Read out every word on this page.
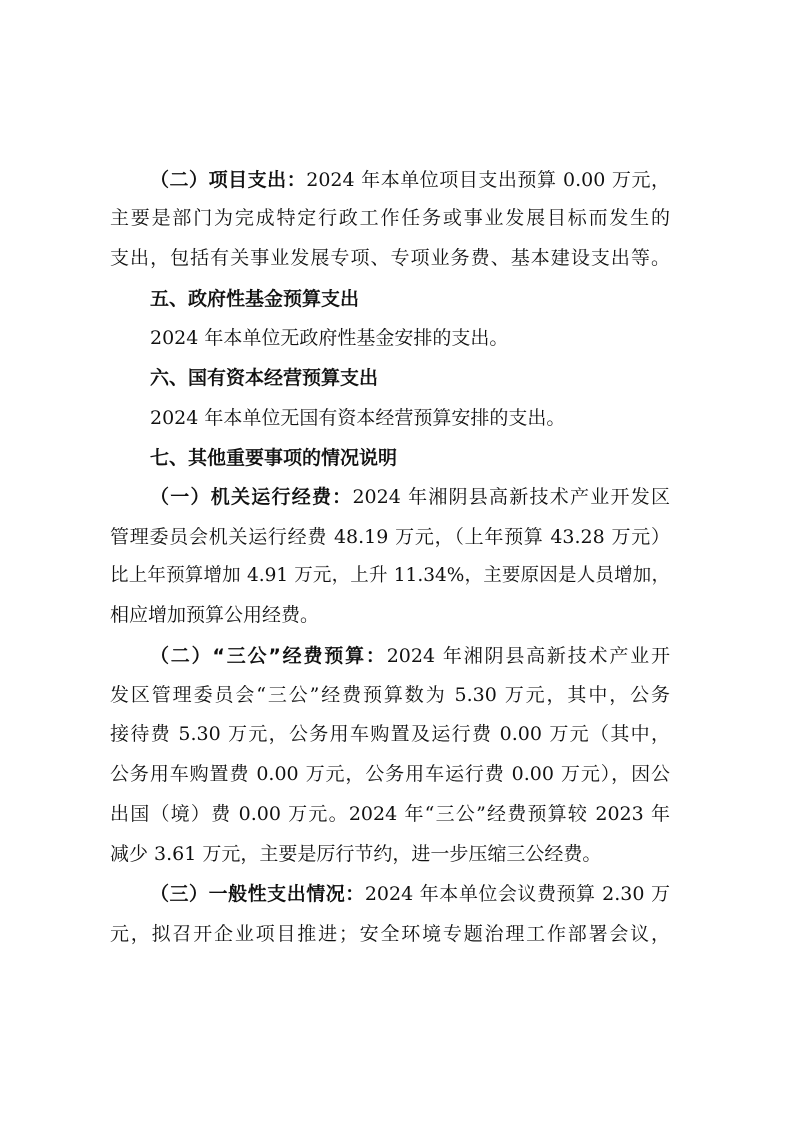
（二）项目支出：2024 年本单位项目支出预算 0.00 万元，
主要是部门为完成特定行政工作任务或事业发展目标而发生的
支出，包括有关事业发展专项、专项业务费、基本建设支出等。
五、政府性基金预算支出
2024 年本单位无政府性基金安排的支出。
六、国有资本经营预算支出
2024 年本单位无国有资本经营预算安排的支出。
七、其他重要事项的情况说明
（一）机关运行经费：2024 年湘阴县高新技术产业开发区
管理委员会机关运行经费 48.19 万元，（上年预算 43.28 万元）
比上年预算增加 4.91 万元，上升 11.34%，主要原因是人员增加，
相应增加预算公用经费。
（二）“三公”经费预算：2024 年湘阴县高新技术产业开
发区管理委员会“三公”经费预算数为 5.30 万元，其中，公务
接待费 5.30 万元，公务用车购置及运行费 0.00 万元（其中，
公务用车购置费 0.00 万元，公务用车运行费 0.00 万元），因公
出国（境）费 0.00 万元。2024 年“三公”经费预算较 2023 年
减少 3.61 万元，主要是厉行节约，进一步压缩三公经费。
（三）一般性支出情况：2024 年本单位会议费预算 2.30 万
元，拟召开企业项目推进；安全环境专题治理工作部署会议，
